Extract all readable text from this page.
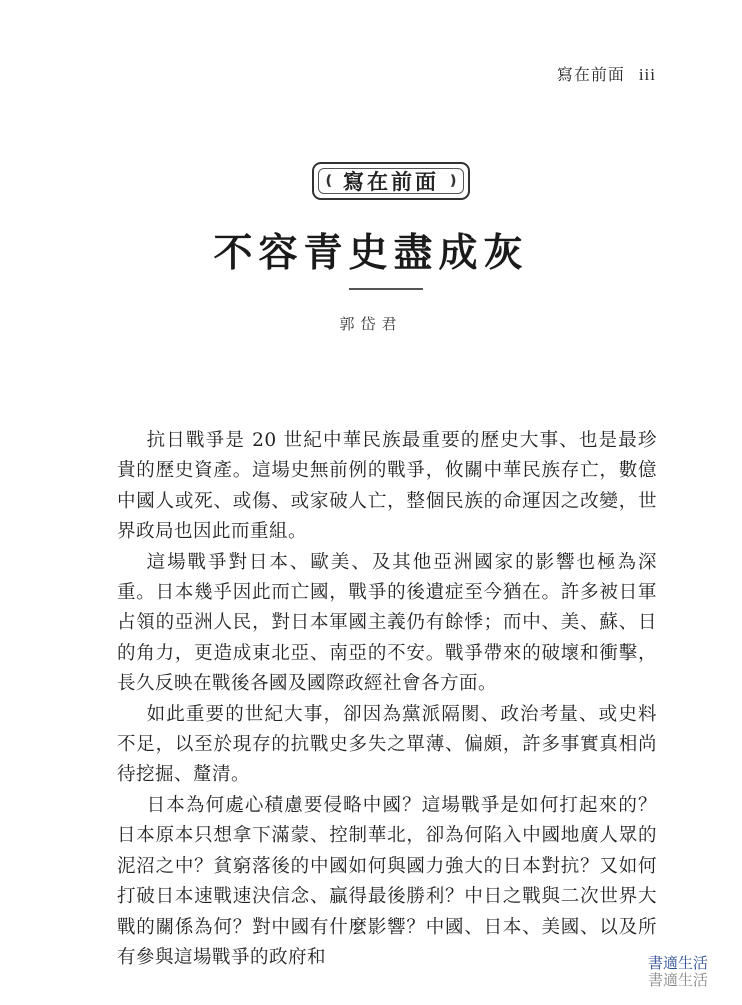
寫在前面 iii
❪ 寫在前面 ❫
不容青史盡成灰
郭岱君

抗日戰爭是 20 世紀中華民族最重要的歷史大事、也是最珍貴的歷史資產。這場史無前例的戰爭，攸關中華民族存亡，數億中國人或死、或傷、或家破人亡，整個民族的命運因之改變，世界政局也因此而重組。

這場戰爭對日本、歐美、及其他亞洲國家的影響也極為深重。日本幾乎因此而亡國，戰爭的後遺症至今猶在。許多被日軍占領的亞洲人民，對日本軍國主義仍有餘悸；而中、美、蘇、日的角力，更造成東北亞、南亞的不安。戰爭帶來的破壞和衝擊，長久反映在戰後各國及國際政經社會各方面。

如此重要的世紀大事，卻因為黨派隔閡、政治考量、或史料不足，以至於現存的抗戰史多失之單薄、偏頗，許多事實真相尚待挖掘、釐清。

日本為何處心積慮要侵略中國？這場戰爭是如何打起來的？日本原本只想拿下滿蒙、控制華北，卻為何陷入中國地廣人眾的泥沼之中？貧窮落後的中國如何與國力強大的日本對抗？又如何打破日本速戰速決信念、贏得最後勝利？中日之戰與二次世界大戰的關係為何？對中國有什麼影響？中國、日本、美國、以及所有參與這場戰爭的政府和	書適生活
書適生活
